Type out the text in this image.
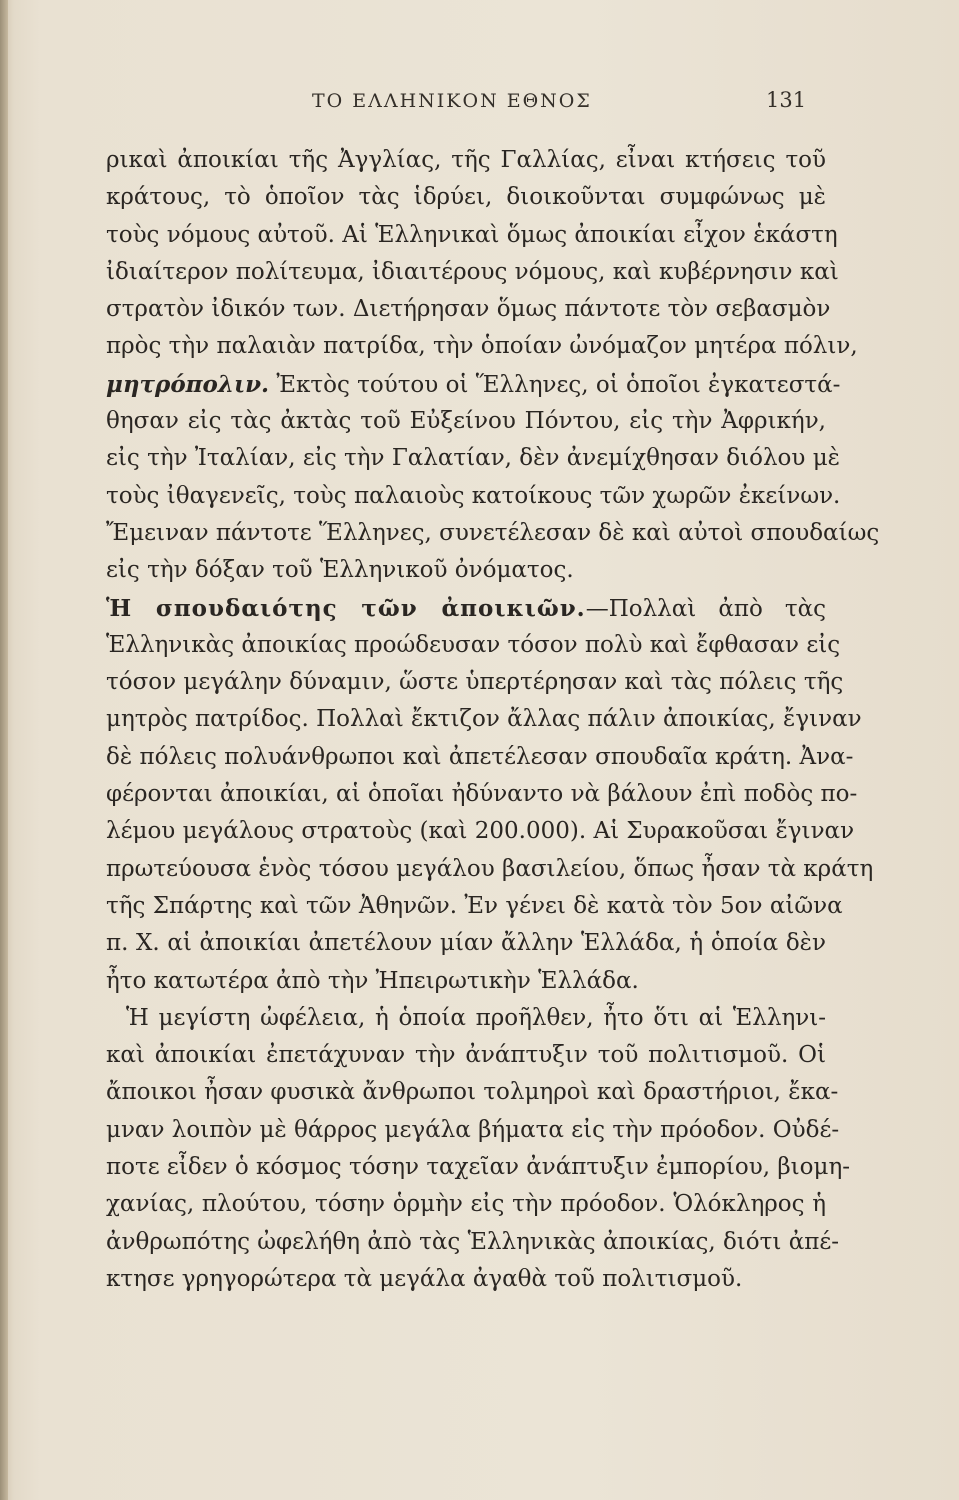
ΤΟ ΕΛΛΗΝΙΚΟΝ ΕΘΝΟΣ	131
ρικαὶ ἀποικίαι τῆς Ἀγγλίας, τῆς Γαλλίας, εἶναι κτήσεις τοῦ
κράτους, τὸ ὁποῖον τὰς ἱδρύει, διοικοῦνται συμφώνως μὲ
τοὺς νόμους αὐτοῦ. Αἱ Ἑλληνικαὶ ὅμως ἀποικίαι εἶχον ἑκάστη
ἰδιαίτερον πολίτευμα, ἰδιαιτέρους νόμους, καὶ κυβέρνησιν καὶ
στρατὸν ἰδικόν των. Διετήρησαν ὅμως πάντοτε τὸν σεβασμὸν
πρὸς τὴν παλαιὰν πατρίδα, τὴν ὁποίαν ὠνόμαζον μητέρα πόλιν,
μητρόπολιν. Ἐκτὸς τούτου οἱ Ἕλληνες, οἱ ὁποῖοι ἐγκατεστά-
θησαν εἰς τὰς ἀκτὰς τοῦ Εὐξείνου Πόντου, εἰς τὴν Ἀφρικήν,
εἰς τὴν Ἰταλίαν, εἰς τὴν Γαλατίαν, δὲν ἀνεμίχθησαν διόλου μὲ
τοὺς ἰθαγενεῖς, τοὺς παλαιοὺς κατοίκους τῶν χωρῶν ἐκείνων.
Ἔμειναν πάντοτε Ἕλληνες, συνετέλεσαν δὲ καὶ αὐτοὶ σπουδαίως
εἰς τὴν δόξαν τοῦ Ἑλληνικοῦ ὀνόματος.
Ἡ σπουδαιότης τῶν ἀποικιῶν.—Πολλαὶ ἀπὸ τὰς
Ἑλληνικὰς ἀποικίας προώδευσαν τόσον πολὺ καὶ ἔφθασαν εἰς
τόσον μεγάλην δύναμιν, ὥστε ὑπερτέρησαν καὶ τὰς πόλεις τῆς
μητρὸς πατρίδος. Πολλαὶ ἔκτιζον ἄλλας πάλιν ἀποικίας, ἔγιναν
δὲ πόλεις πολυάνθρωποι καὶ ἀπετέλεσαν σπουδαῖα κράτη. Ἀνα-
φέρονται ἀποικίαι, αἱ ὁποῖαι ἠδύναντο νὰ βάλουν ἐπὶ ποδὸς πο-
λέμου μεγάλους στρατοὺς (καὶ 200.000). Αἱ Συρακοῦσαι ἔγιναν
πρωτεύουσα ἑνὸς τόσου μεγάλου βασιλείου, ὅπως ἦσαν τὰ κράτη
τῆς Σπάρτης καὶ τῶν Ἀθηνῶν. Ἐν γένει δὲ κατὰ τὸν 5ον αἰῶνα
π. Χ. αἱ ἀποικίαι ἀπετέλουν μίαν ἄλλην Ἑλλάδα, ἡ ὁποία δὲν
ἦτο κατωτέρα ἀπὸ τὴν Ἠπειρωτικὴν Ἑλλάδα.
Ἡ μεγίστη ὠφέλεια, ἡ ὁποία προῆλθεν, ἦτο ὅτι αἱ Ἑλληνι-
καὶ ἀποικίαι ἐπετάχυναν τὴν ἀνάπτυξιν τοῦ πολιτισμοῦ. Οἱ
ἄποικοι ἦσαν φυσικὰ ἄνθρωποι τολμηροὶ καὶ δραστήριοι, ἔκα-
μναν λοιπὸν μὲ θάρρος μεγάλα βήματα εἰς τὴν πρόοδον. Οὐδέ-
ποτε εἶδεν ὁ κόσμος τόσην ταχεῖαν ἀνάπτυξιν ἐμπορίου, βιομη-
χανίας, πλούτου, τόσην ὁρμὴν εἰς τὴν πρόοδον. Ὁλόκληρος ἡ
ἀνθρωπότης ὠφελήθη ἀπὸ τὰς Ἑλληνικὰς ἀποικίας, διότι ἀπέ-
κτησε γρηγορώτερα τὰ μεγάλα ἀγαθὰ τοῦ πολιτισμοῦ.
